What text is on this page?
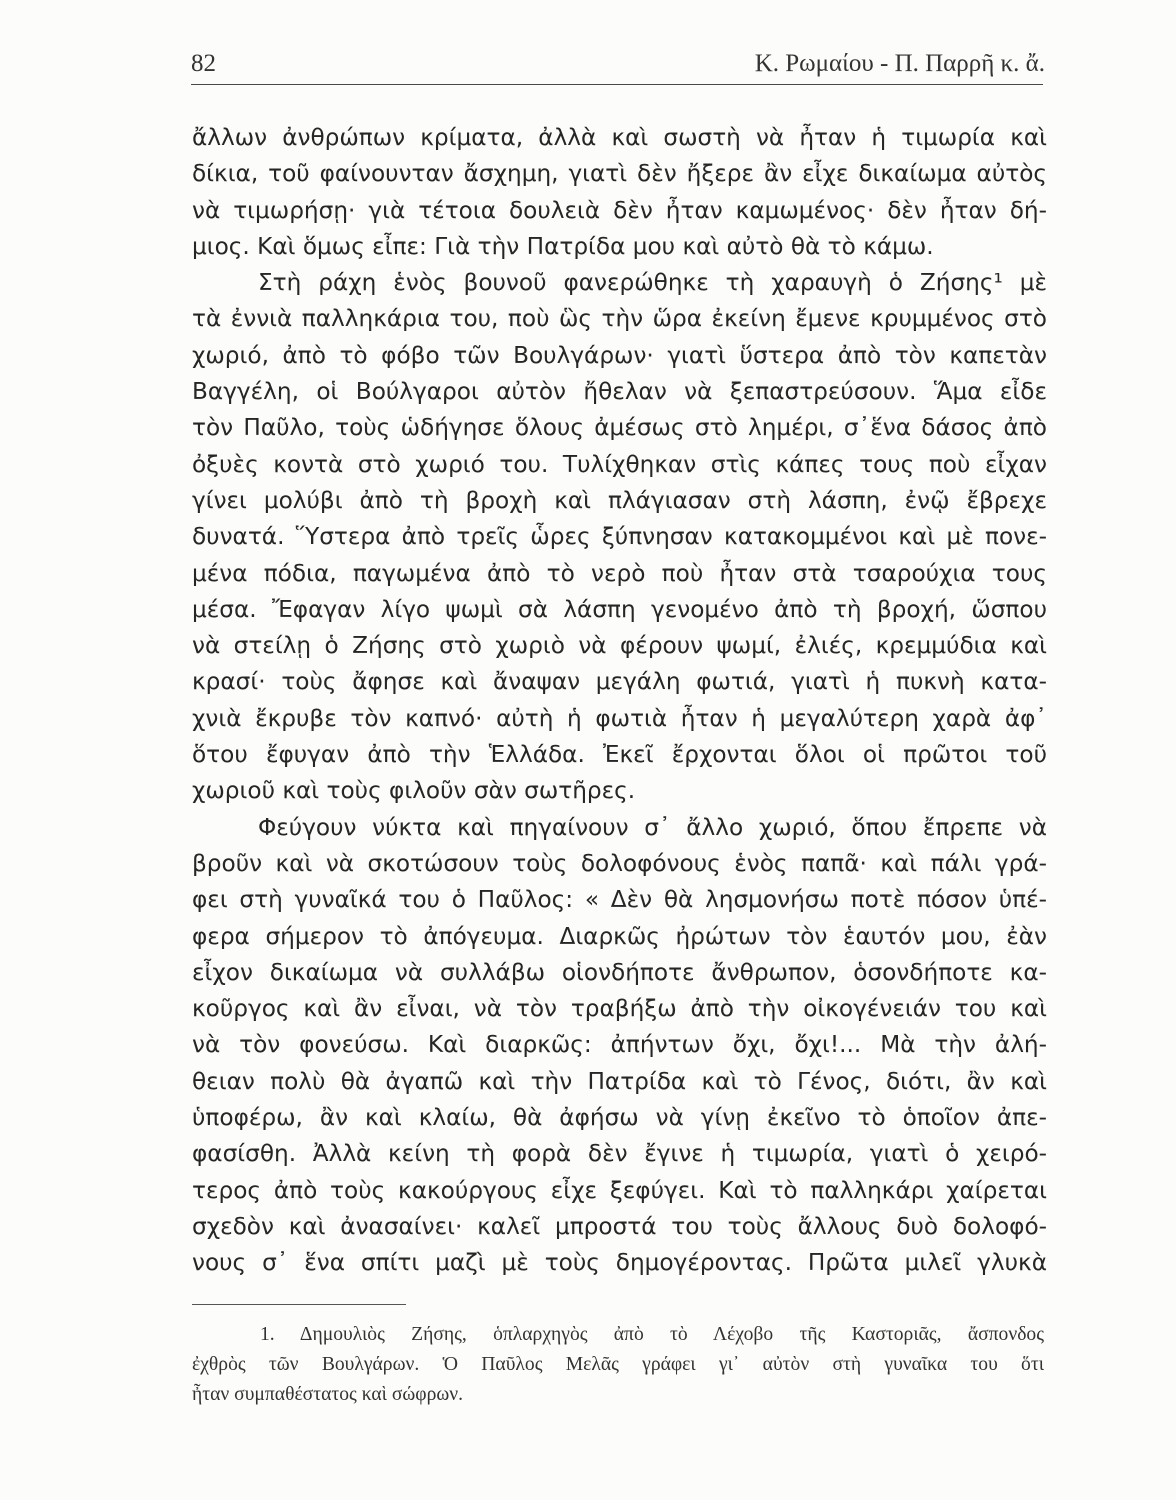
82	Κ. Ρωμαίου - Π. Παρρῆ κ. ἄ.
ἄλλων ἀνθρώπων κρίματα, ἀλλὰ καὶ σωστὴ νὰ ἦταν ἡ τιμωρία καὶ
δίκια, τοῦ φαίνουνταν ἄσχημη, γιατὶ δὲν ἤξερε ἂν εἶχε δικαίωμα αὐτὸς
νὰ τιμωρήσῃ· γιὰ τέτοια δουλειὰ δὲν ἦταν καμωμένος· δὲν ἦταν δή-
μιος. Καὶ ὅμως εἶπε: Γιὰ τὴν Πατρίδα μου καὶ αὐτὸ θὰ τὸ κάμω.
Στὴ ράχη ἑνὸς βουνοῦ φανερώθηκε τὴ χαραυγὴ ὁ Ζήσης¹ μὲ
τὰ ἐννιὰ παλληκάρια του, ποὺ ὣς τὴν ὥρα ἐκείνη ἔμενε κρυμμένος στὸ
χωριό, ἀπὸ τὸ φόβο τῶν Βουλγάρων· γιατὶ ὕστερα ἀπὸ τὸν καπετὰν
Βαγγέλη, οἱ Βούλγαροι αὐτὸν ἤθελαν νὰ ξεπαστρεύσουν. Ἅμα εἶδε
τὸν Παῦλο, τοὺς ὡδήγησε ὅλους ἀμέσως στὸ λημέρι, σ᾽ἕνα δάσος ἀπὸ
ὀξυὲς κοντὰ στὸ χωριό του. Τυλίχθηκαν στὶς κάπες τους ποὺ εἶχαν
γίνει μολύβι ἀπὸ τὴ βροχὴ καὶ πλάγιασαν στὴ λάσπη, ἐνῷ ἔβρεχε
δυνατά. Ὕστερα ἀπὸ τρεῖς ὧρες ξύπνησαν κατακομμένοι καὶ μὲ πονε-
μένα πόδια, παγωμένα ἀπὸ τὸ νερὸ ποὺ ἦταν στὰ τσαρούχια τους
μέσα. Ἔφαγαν λίγο ψωμὶ σὰ λάσπη γενομένο ἀπὸ τὴ βροχή, ὥσπου
νὰ στείλῃ ὁ Ζήσης στὸ χωριὸ νὰ φέρουν ψωμί, ἐλιές, κρεμμύδια καὶ
κρασί· τοὺς ἄφησε καὶ ἄναψαν μεγάλη φωτιά, γιατὶ ἡ πυκνὴ κατα-
χνιὰ ἔκρυβε τὸν καπνό· αὐτὴ ἡ φωτιὰ ἦταν ἡ μεγαλύτερη χαρὰ ἀφ᾽
ὅτου ἔφυγαν ἀπὸ τὴν Ἑλλάδα. Ἐκεῖ ἔρχονται ὅλοι οἱ πρῶτοι τοῦ
χωριοῦ καὶ τοὺς φιλοῦν σὰν σωτῆρες.
Φεύγουν νύκτα καὶ πηγαίνουν σ᾽ ἄλλο χωριό, ὅπου ἔπρεπε νὰ
βροῦν καὶ νὰ σκοτώσουν τοὺς δολοφόνους ἑνὸς παπᾶ· καὶ πάλι γρά-
φει στὴ γυναῖκά του ὁ Παῦλος: « Δὲν θὰ λησμονήσω ποτὲ πόσον ὑπέ-
φερα σήμερον τὸ ἀπόγευμα. Διαρκῶς ἠρώτων τὸν ἑαυτόν μου, ἐὰν
εἶχον δικαίωμα νὰ συλλάβω οἱονδήποτε ἄνθρωπον, ὁσονδήποτε κα-
κοῦργος καὶ ἂν εἶναι, νὰ τὸν τραβήξω ἀπὸ τὴν οἰκογένειάν του καὶ
νὰ τὸν φονεύσω. Καὶ διαρκῶς: ἀπήντων ὄχι, ὄχι!... Μὰ τὴν ἀλή-
θειαν πολὺ θὰ ἀγαπῶ καὶ τὴν Πατρίδα καὶ τὸ Γένος, διότι, ἂν καὶ
ὑποφέρω, ἂν καὶ κλαίω, θὰ ἀφήσω νὰ γίνῃ ἐκεῖνο τὸ ὁποῖον ἀπε-
φασίσθη. Ἀλλὰ κείνη τὴ φορὰ δὲν ἔγινε ἡ τιμωρία, γιατὶ ὁ χειρό-
τερος ἀπὸ τοὺς κακούργους εἶχε ξεφύγει. Καὶ τὸ παλληκάρι χαίρεται
σχεδὸν καὶ ἀνασαίνει· καλεῖ μπροστά του τοὺς ἄλλους δυὸ δολοφό-
νους σ᾽ ἕνα σπίτι μαζὶ μὲ τοὺς δημογέροντας. Πρῶτα μιλεῖ γλυκὰ
1. Δημουλιὸς Ζήσης, ὁπλαρχηγὸς ἀπὸ τὸ Λέχοβο τῆς Καστοριᾶς, ἄσπονδος
ἐχθρὸς τῶν Βουλγάρων. Ὁ Παῦλος Μελᾶς γράφει γι᾽ αὐτὸν στὴ γυναῖκα του ὅτι
ἦταν συμπαθέστατος καὶ σώφρων.
